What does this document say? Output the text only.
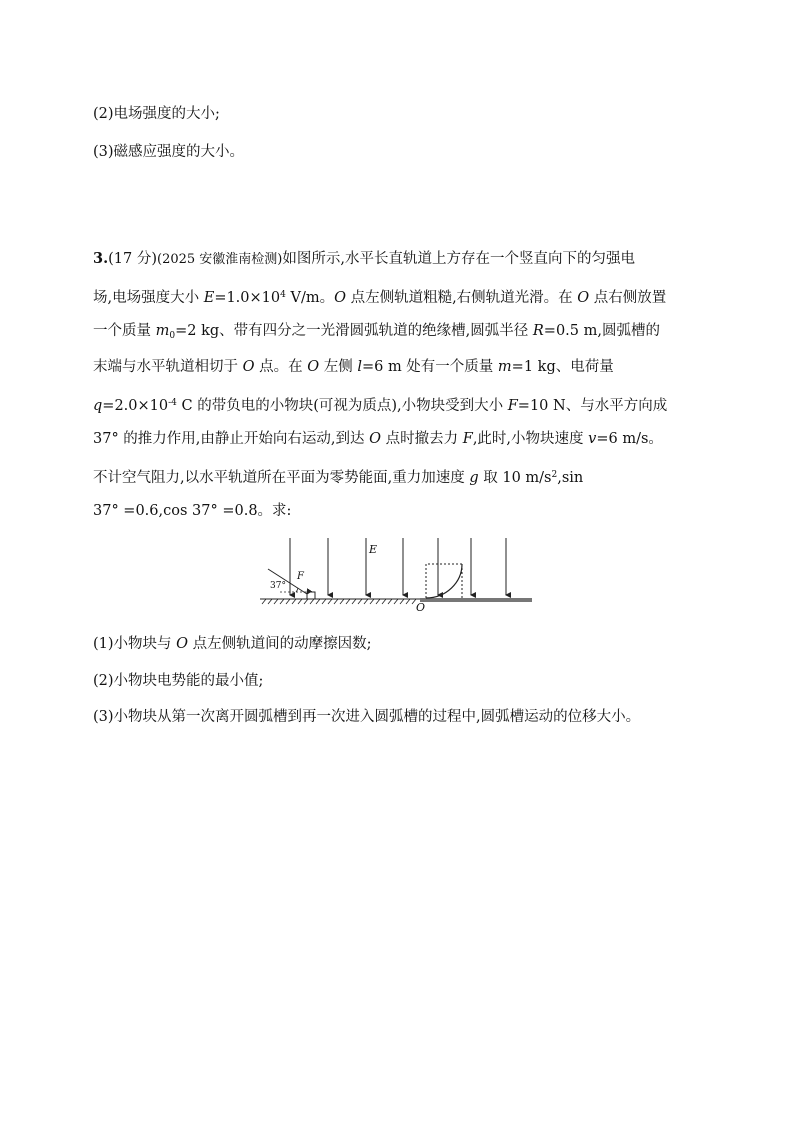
(2)电场强度的大小;
(3)磁感应强度的大小。
3.(17 分)(2025 安徽淮南检测)如图所示,水平长直轨道上方存在一个竖直向下的匀强电
场,电场强度大小 $E=1.0\times 10^4$ V/m。O 点左侧轨道粗糙,右侧轨道光滑。在 O 点右侧放置
一个质量 $m_0=2$ kg、带有四分之一光滑圆弧轨道的绝缘槽,圆弧半径 R=0.5 m,圆弧槽的
末端与水平轨道相切于 O 点。在 O 左侧 l=6 m 处有一个质量 m=1 kg、电荷量
$q=2.0\times 10^{-4}$ C 的带负电的小物块(可视为质点),小物块受到大小 F=10 N、与水平方向成
37° 的推力作用,由静止开始向右运动,到达 O 点时撤去力 F,此时,小物块速度 v=6 m/s。
不计空气阻力,以水平轨道所在平面为零势能面,重力加速度 g 取 10 $m/s^2,\sin$
37° =0.6,cos 37° =0.8。求:
37°
F
E
O
(1)小物块与 O 点左侧轨道间的动摩擦因数;
(2)小物块电势能的最小值;
(3)小物块从第一次离开圆弧槽到再一次进入圆弧槽的过程中,圆弧槽运动的位移大小。
